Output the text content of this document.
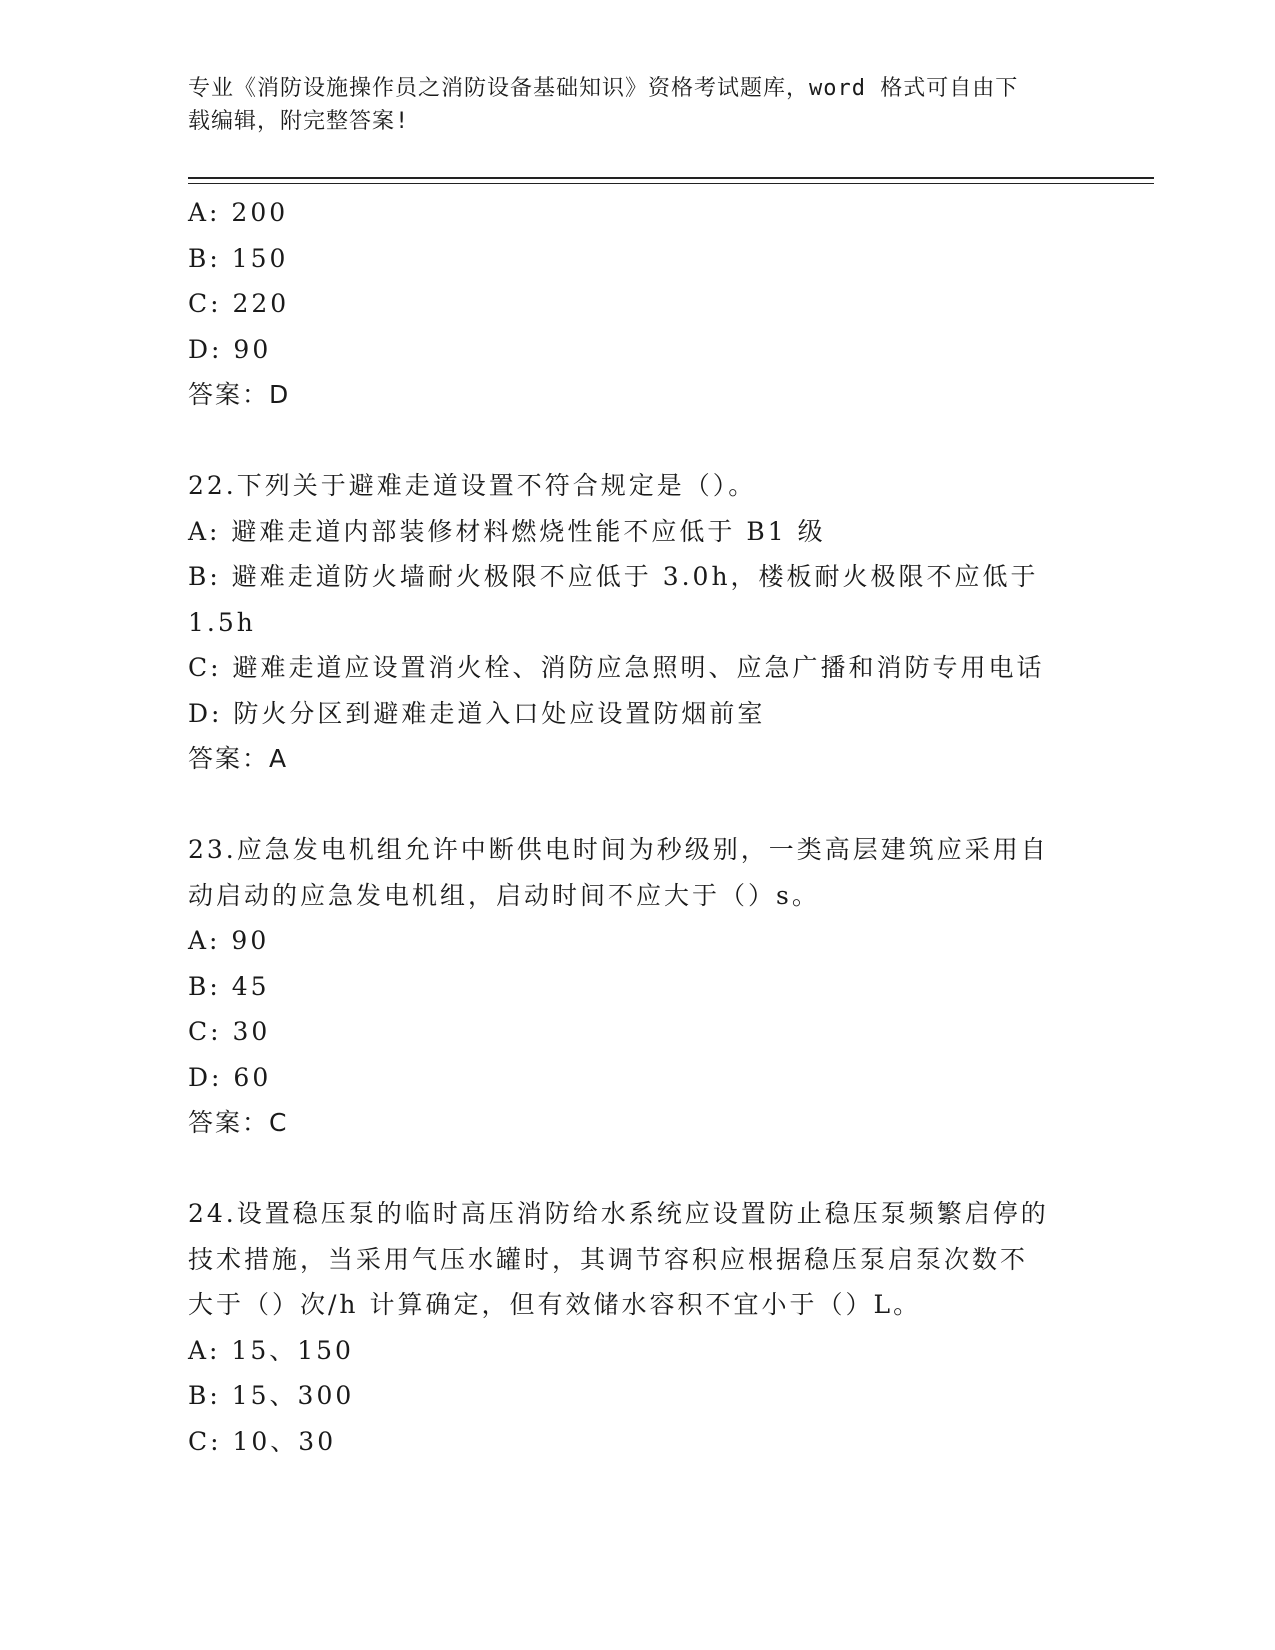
专业《消防设施操作员之消防设备基础知识》资格考试题库，word 格式可自由下
载编辑，附完整答案!
A: 200
B: 150
C: 220
D: 90
答案：D
22.下列关于避难走道设置不符合规定是（）。
A: 避难走道内部装修材料燃烧性能不应低于 B1 级
B: 避难走道防火墙耐火极限不应低于 3.0h，楼板耐火极限不应低于
1.5h
C: 避难走道应设置消火栓、消防应急照明、应急广播和消防专用电话
D: 防火分区到避难走道入口处应设置防烟前室
答案：A
23.应急发电机组允许中断供电时间为秒级别，一类高层建筑应采用自
动启动的应急发电机组，启动时间不应大于（）s。
A: 90
B: 45
C: 30
D: 60
答案：C
24.设置稳压泵的临时高压消防给水系统应设置防止稳压泵频繁启停的
技术措施，当采用气压水罐时，其调节容积应根据稳压泵启泵次数不
大于（）次/h 计算确定，但有效储水容积不宜小于（）L。
A: 15、150
B: 15、300
C: 10、30
